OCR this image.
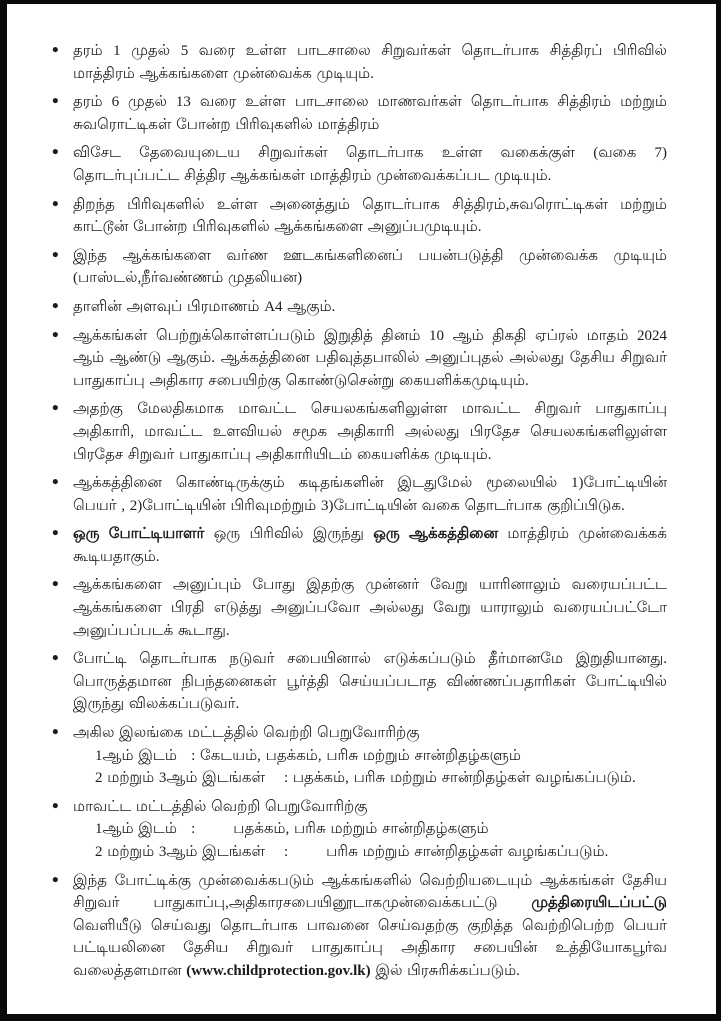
• தரம் 1 முதல் 5 வரை உள்ள பாடசாலை சிறுவர்கள் தொடர்பாக சித்திரப் பிரிவில் மாத்திரம் ஆக்கங்களை முன்வைக்க முடியும்.
• தரம் 6 முதல் 13 வரை உள்ள பாடசாலை மாணவர்கள் தொடர்பாக சித்திரம் மற்றும் சுவரொட்டிகள் போன்ற பிரிவுகளில் மாத்திரம்
• விசேட தேவையுடைய சிறுவர்கள் தொடர்பாக உள்ள வகைக்குள் (வகை 7) தொடர்புப்பட்ட சித்திர ஆக்கங்கள் மாத்திரம் முன்வைக்கப்பட முடியும்.
• திறந்த பிரிவுகளில் உள்ள அனைத்தும் தொடர்பாக சித்திரம்,சுவரொட்டிகள் மற்றும் காட்டூன் போன்ற பிரிவுகளில் ஆக்கங்களை அனுப்பமுடியும்.
• இந்த ஆக்கங்களை வர்ண ஊடகங்களினைப் பயன்படுத்தி முன்வைக்க முடியும் (பாஸ்டல்,நீர்வண்ணம் முதலியன)
• தாளின் அளவுப் பிரமாணம் A4 ஆகும்.
• ஆக்கங்கள் பெற்றுக்கொள்ளப்படும் இறுதித் தினம் 10 ஆம் திகதி ஏப்ரல் மாதம் 2024 ஆம் ஆண்டு ஆகும். ஆக்கத்தினை பதிவுத்தபாலில் அனுப்புதல் அல்லது தேசிய சிறுவர் பாதுகாப்பு அதிகார சபையிற்கு கொண்டுசென்று கையளிக்கமுடியும்.
• அதற்கு மேலதிகமாக மாவட்ட செயலகங்களிலுள்ள மாவட்ட சிறுவர் பாதுகாப்பு அதிகாரி, மாவட்ட உளவியல் சமூக அதிகாரி அல்லது பிரதேச செயலகங்களிலுள்ள பிரதேச சிறுவர் பாதுகாப்பு அதிகாரியிடம் கையளிக்க முடியும்.
• ஆக்கத்தினை கொண்டிருக்கும் கடிதங்களின் இடதுமேல் மூலையில் 1)போட்டியின் பெயர் , 2)போட்டியின் பிரிவுமற்றும் 3)போட்டியின் வகை தொடர்பாக குறிப்பிடுக.
• ஒரு போட்டியாளர் ஒரு பிரிவில் இருந்து ஒரு ஆக்கத்தினை மாத்திரம் முன்வைக்கக் கூடியதாகும்.
• ஆக்கங்களை அனுப்பும் போது இதற்கு முன்னர் வேறு யாரினாலும் வரையப்பட்ட ஆக்கங்களை பிரதி எடுத்து அனுப்பவோ அல்லது வேறு யாராலும் வரையப்பட்டோ அனுப்பப்படக் கூடாது.
• போட்டி தொடர்பாக நடுவர் சபையினால் எடுக்கப்படும் தீர்மானமே இறுதியானது. பொருத்தமான நிபந்தனைகள் பூர்த்தி செய்யப்படாத விண்ணப்பதாரிகள் போட்டியில் இருந்து விலக்கப்படுவர்.
• அகில இலங்கை மட்டத்தில் வெற்றி பெறுவோரிற்கு
1ஆம் இடம்   : கேடயம், பதக்கம், பரிசு மற்றும் சான்றிதழ்களும்
2 மற்றும் 3ஆம் இடங்கள்    : பதக்கம், பரிசு மற்றும் சான்றிதழ்கள் வழங்கப்படும்.
• மாவட்ட மட்டத்தில் வெற்றி பெறுவோரிற்கு
1ஆம் இடம்   :        பதக்கம், பரிசு மற்றும் சான்றிதழ்களும்
2 மற்றும் 3ஆம் இடங்கள்    :        பரிசு மற்றும் சான்றிதழ்கள் வழங்கப்படும்.
• இந்த போட்டிக்கு முன்வைக்கபடும் ஆக்கங்களில் வெற்றியடையும் ஆக்கங்கள் தேசிய சிறுவர் பாதுகாப்பு,அதிகாரசபையினூடாகமுன்வைக்கபட்டு முத்திரையிடப்பட்டு வெளியீடு செய்வது தொடர்பாக பாவனை செய்வதற்கு குறித்த வெற்றிபெற்ற பெயர் பட்டியலினை தேசிய சிறுவர் பாதுகாப்பு அதிகார சபையின் உத்தியோகபூர்வ வலைத்தளமான (www.childprotection.gov.lk) இல் பிரசுரிக்கப்படும்.
